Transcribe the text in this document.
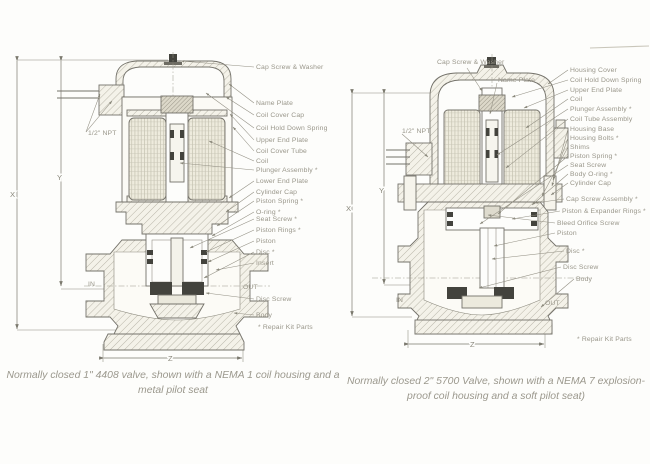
Cap Screw & Washer
Name Plate
Coil Cover Cap
Coil Hold Down Spring
Upper End Plate
Coil Cover Tube
Coil
Plunger Assembly *
Lower End Plate
Cylinder Cap
Piston Spring *
O-ring *
Seat Screw *
Piston Rings *
Piston
Disc *
Insert
Disc Screw
Body
* Repair Kit Parts
OUT
IN
1/2" NPT
X
Y
Z
Cap Screw & Washer
Name Plate
1/2" NPT
Housing Cover
Coil Hold Down Spring
Upper End Plate
Coil
Plunger Assembly *
Coil Tube Assembly
Housing Base
Housing Bolts *
Shims
Piston Spring *
Seat Screw
Body O-ring *
Cylinder Cap
Cap Screw Assembly *
Piston & Expander Rings *
Bleed Orifice Screw
Piston
Disc *
Disc Screw
Body
OUT
IN
* Repair Kit Parts
X
Y
Z
Normally closed 1" 4408 valve, shown with a NEMA 1 coil housing and a metal pilot seat
Normally closed 2" 5700 Valve, shown with a NEMA 7 explosion-proof coil housing and a soft pilot seat)
